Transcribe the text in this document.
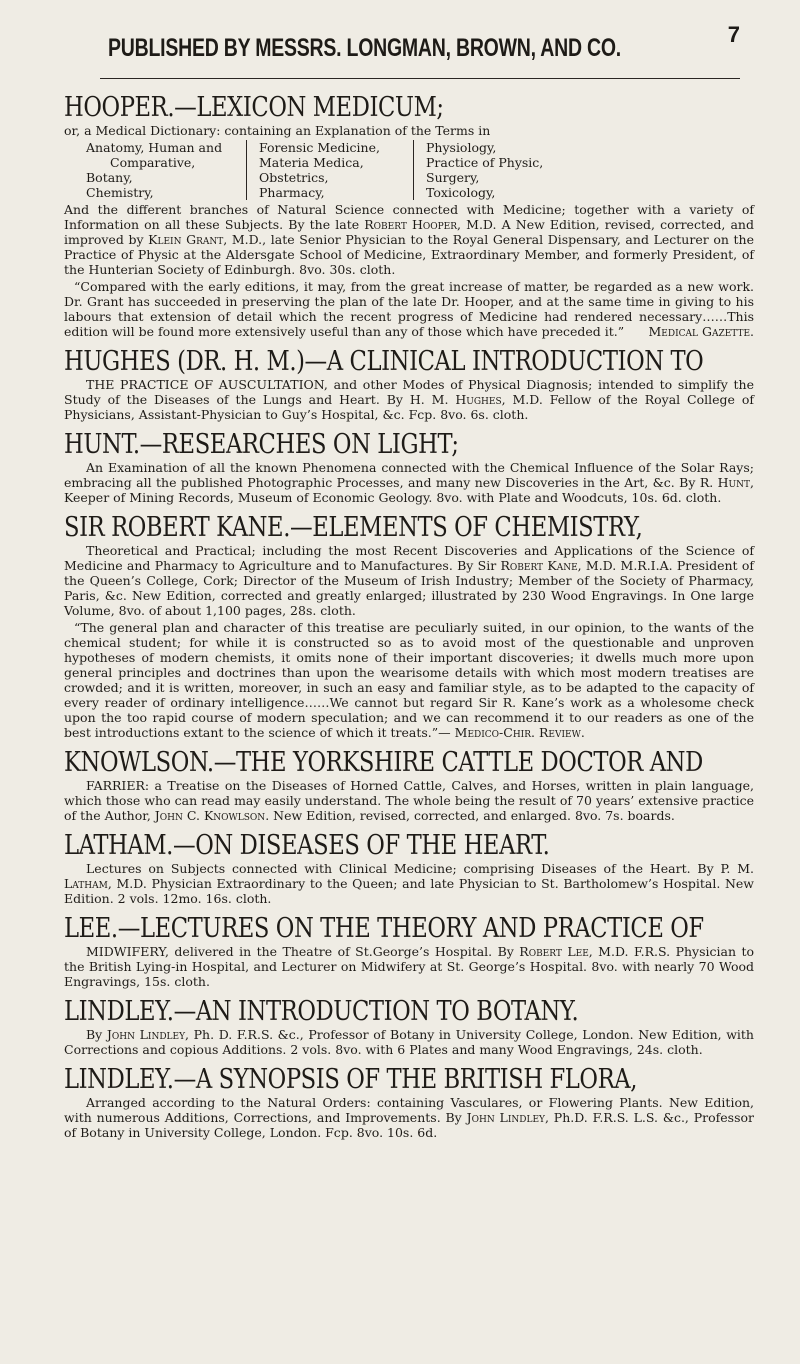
PUBLISHED BY MESSRS. LONGMAN, BROWN, AND CO.	7
HOOPER.—LEXICON MEDICUM;

or, a Medical Dictionary: containing an Explanation of the Terms in

Anatomy, Human and
Comparative,
Botany,
Chemistry,
Forensic Medicine,
Materia Medica,
Obstetrics,
Pharmacy,
Physiology,
Practice of Physic,
Surgery,
Toxicology,

And the different branches of Natural Science connected with Medicine; together with a variety of Information on all these Subjects. By the late Robert Hooper, M.D. A New Edition, revised, corrected, and improved by Klein Grant, M.D., late Senior Physician to the Royal General Dispensary, and Lecturer on the Practice of Physic at the Aldersgate School of Medicine, Extraordinary Member, and formerly President, of the Hunterian Society of Edinburgh. 8vo. 30s. cloth.

“Compared with the early editions, it may, from the great increase of matter, be regarded as a new work. Dr. Grant has succeeded in preserving the plan of the late Dr. Hooper, and at the same time in giving to his labours that extension of detail which the recent progress of Medicine had rendered necessary……This edition will be found more extensively useful than any of those which have preceded it.”	Medical Gazette.

HUGHES (DR. H. M.)—A CLINICAL INTRODUCTION TO

THE PRACTICE OF AUSCULTATION, and other Modes of Physical Diagnosis; intended to simplify the Study of the Diseases of the Lungs and Heart. By H. M. Hughes, M.D. Fellow of the Royal College of Physicians, Assistant-Physician to Guy’s Hospital, &c. Fcp. 8vo. 6s. cloth.

HUNT.—RESEARCHES ON LIGHT;

An Examination of all the known Phenomena connected with the Chemical Influence of the Solar Rays; embracing all the published Photographic Processes, and many new Discoveries in the Art, &c. By R. Hunt, Keeper of Mining Records, Museum of Economic Geology. 8vo. with Plate and Woodcuts, 10s. 6d. cloth.

SIR ROBERT KANE.—ELEMENTS OF CHEMISTRY,

Theoretical and Practical; including the most Recent Discoveries and Applications of the Science of Medicine and Pharmacy to Agriculture and to Manufactures. By Sir Robert Kane, M.D. M.R.I.A. President of the Queen’s College, Cork; Director of the Museum of Irish Industry; Member of the Society of Pharmacy, Paris, &c. New Edition, corrected and greatly enlarged; illustrated by 230 Wood Engravings. In One large Volume, 8vo. of about 1,100 pages, 28s. cloth.

“The general plan and character of this treatise are peculiarly suited, in our opinion, to the wants of the chemical student; for while it is constructed so as to avoid most of the questionable and unproven hypotheses of modern chemists, it omits none of their important discoveries; it dwells much more upon general principles and doctrines than upon the wearisome details with which most modern treatises are crowded; and it is written, moreover, in such an easy and familiar style, as to be adapted to the capacity of every reader of ordinary intelligence……We cannot but regard Sir R. Kane’s work as a wholesome check upon the too rapid course of modern speculation; and we can recommend it to our readers as one of the best introductions extant to the science of which it treats.”— Medico-Chir. Review.

KNOWLSON.—THE YORKSHIRE CATTLE DOCTOR AND

FARRIER: a Treatise on the Diseases of Horned Cattle, Calves, and Horses, written in plain language, which those who can read may easily understand. The whole being the result of 70 years’ extensive practice of the Author, John C. Knowlson. New Edition, revised, corrected, and enlarged. 8vo. 7s. boards.

LATHAM.—ON DISEASES OF THE HEART.

Lectures on Subjects connected with Clinical Medicine; comprising Diseases of the Heart. By P. M. Latham, M.D. Physician Extraordinary to the Queen; and late Physician to St. Bartholomew’s Hospital. New Edition. 2 vols. 12mo. 16s. cloth.

LEE.—LECTURES ON THE THEORY AND PRACTICE OF

MIDWIFERY, delivered in the Theatre of St.George’s Hospital. By Robert Lee, M.D. F.R.S. Physician to the British Lying-in Hospital, and Lecturer on Midwifery at St. George’s Hospital. 8vo. with nearly 70 Wood Engravings, 15s. cloth.

LINDLEY.—AN INTRODUCTION TO BOTANY.

By John Lindley, Ph. D. F.R.S. &c., Professor of Botany in University College, London. New Edition, with Corrections and copious Additions. 2 vols. 8vo. with 6 Plates and many Wood Engravings, 24s. cloth.

LINDLEY.—A SYNOPSIS OF THE BRITISH FLORA,

Arranged according to the Natural Orders: containing Vasculares, or Flowering Plants. New Edition, with numerous Additions, Corrections, and Improvements. By John Lindley, Ph.D. F.R.S. L.S. &c., Professor of Botany in University College, London. Fcp. 8vo. 10s. 6d.
